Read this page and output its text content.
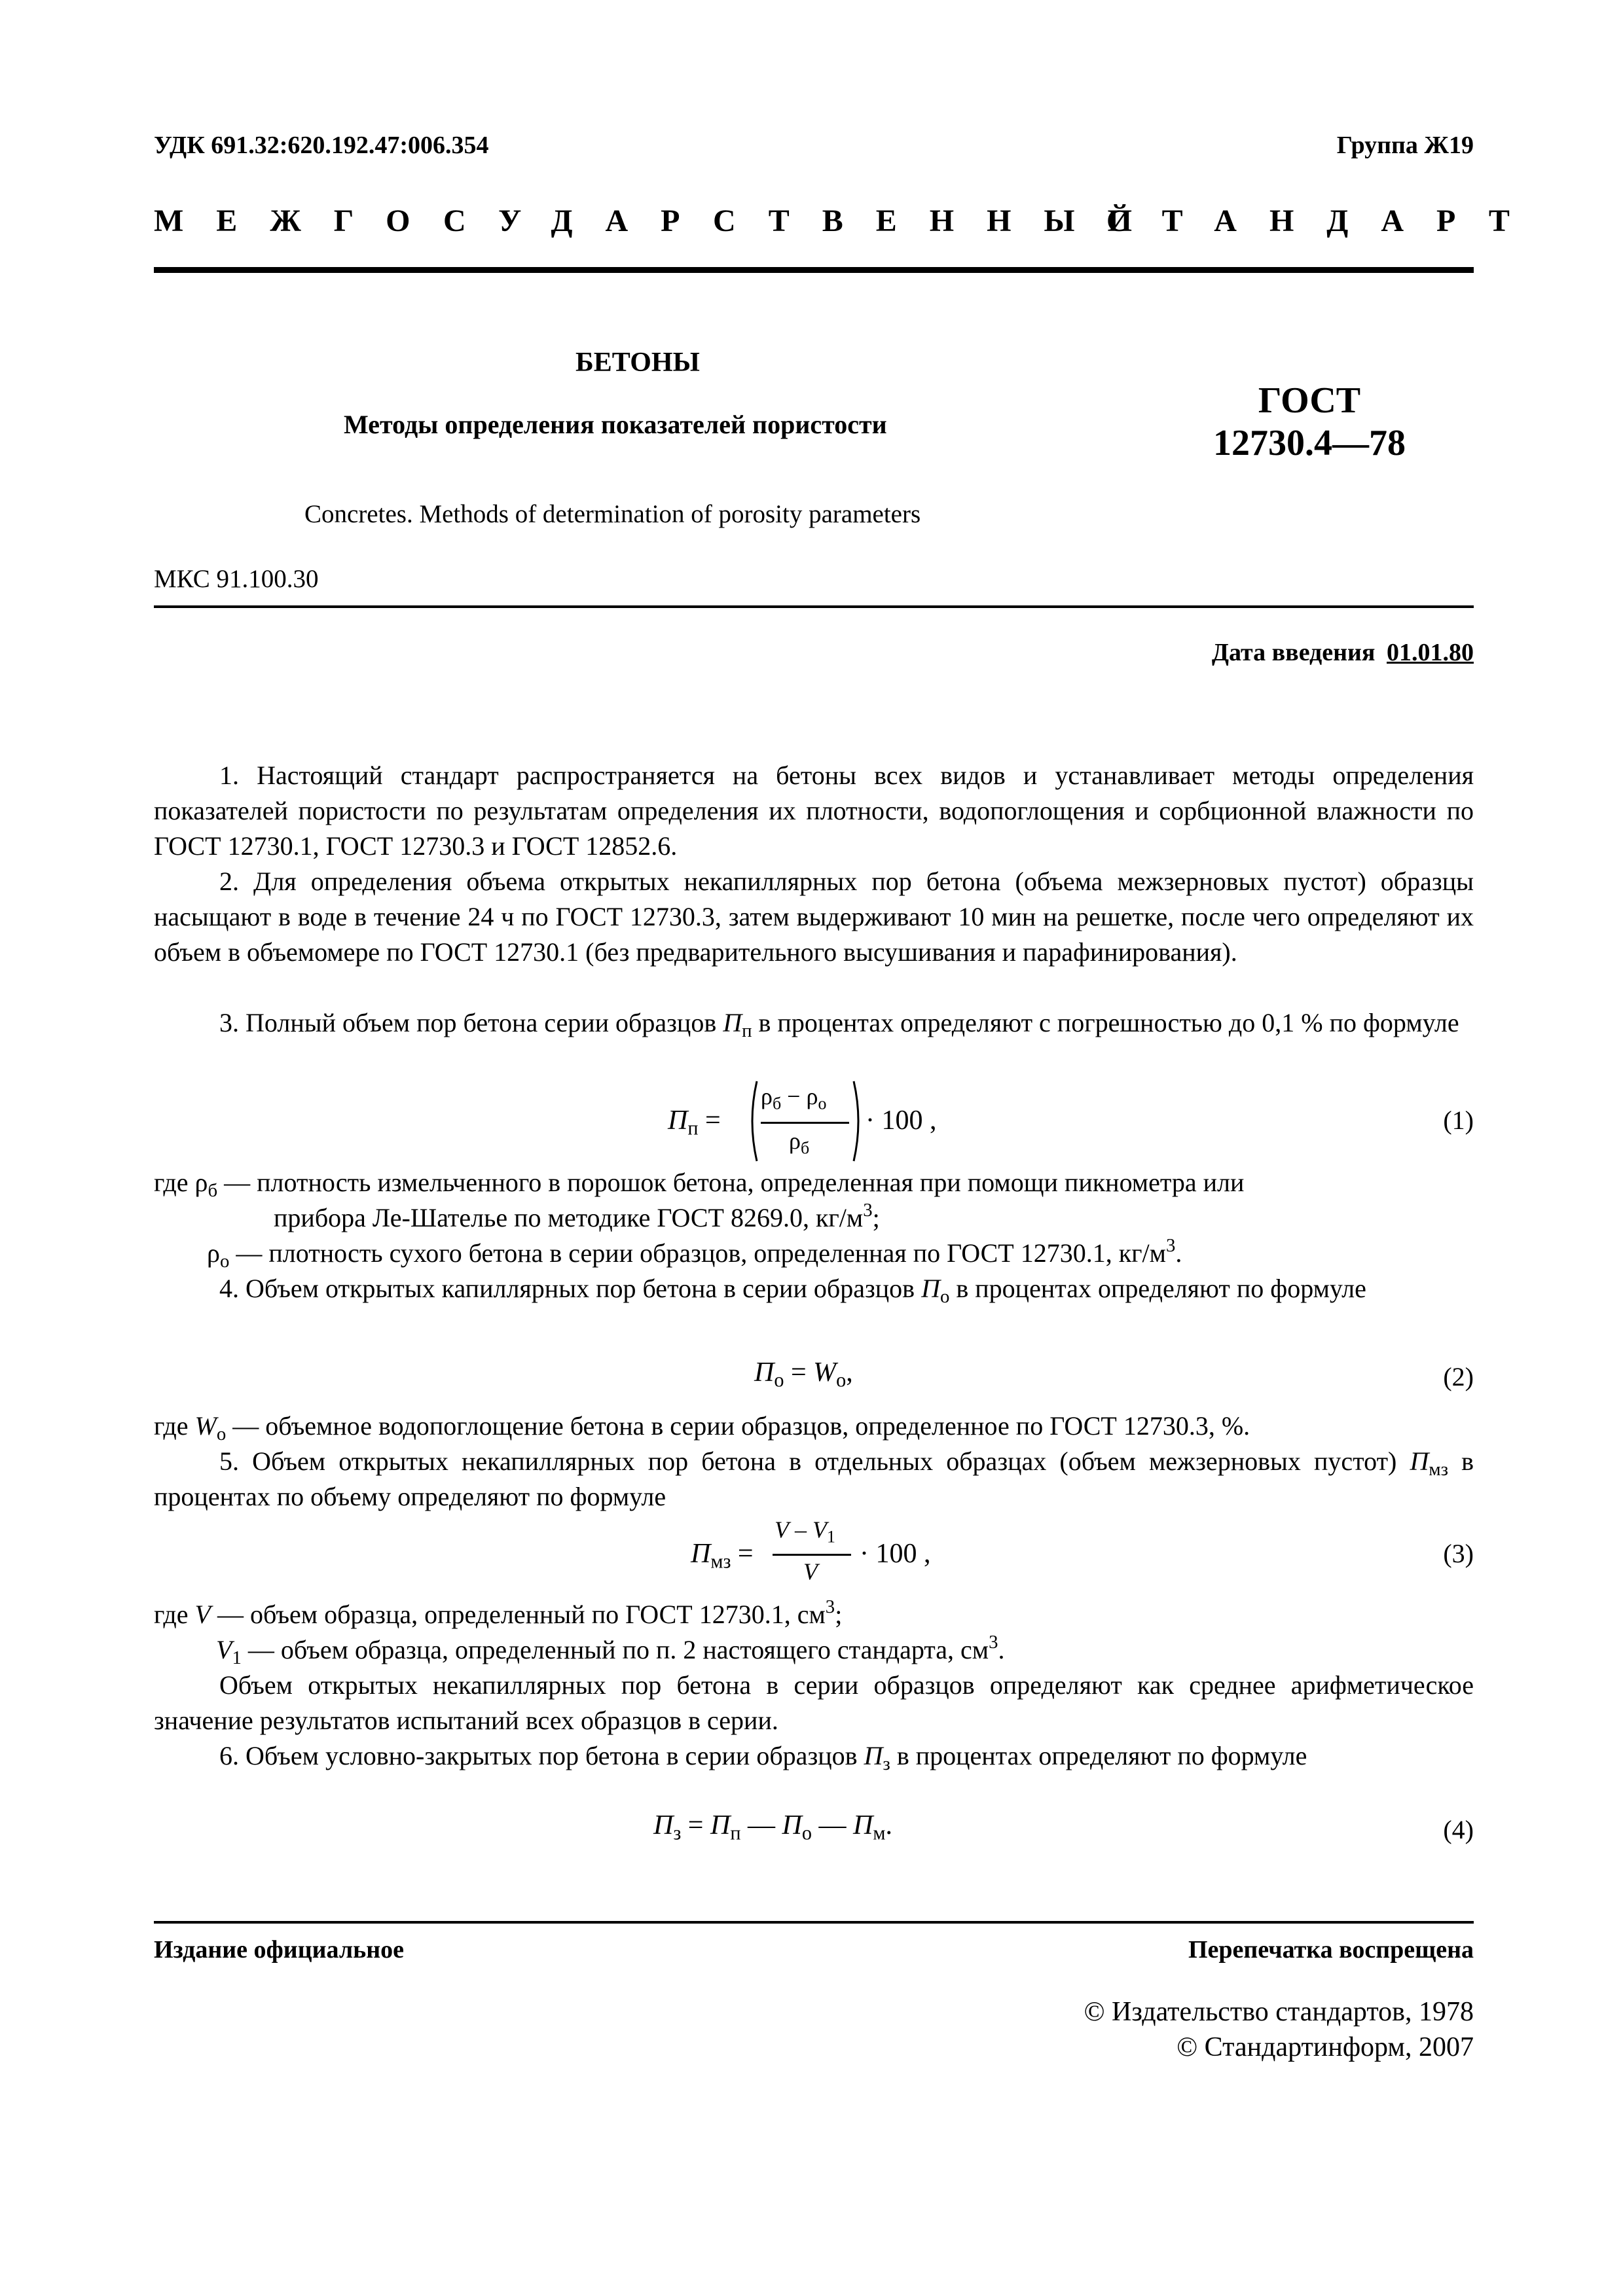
УДК 691.32:620.192.47:006.354	Группа Ж19
МЕЖГОСУДАРСТВЕННЫЙ
СТАНДАРТ
БЕТОНЫ
Методы определения показателей пористости
ГОСТ
12730.4—78
Concretes. Methods of determination of porosity parameters
МКС 91.100.30
Дата введения 01.01.80
1. Настоящий стандарт распространяется на бетоны всех видов и устанавливает методы определения показателей пористости по результатам определения их плотности, водопоглощения и сорбционной влажности по ГОСТ 12730.1, ГОСТ 12730.3 и ГОСТ 12852.6.
2. Для определения объема открытых некапиллярных пор бетона (объема межзерновых пустот) образцы насыщают в воде в течение 24 ч по ГОСТ 12730.3, затем выдерживают 10 мин на решетке, после чего определяют их объем в объемомере по ГОСТ 12730.1 (без предварительного высушивания и парафинирования).
3. Полный объем пор бетона серии образцов $П_п$ в процентах определяют с погрешностью до 0,1 % по формуле
$П_п$ =
$\rho_б - \rho_о$
$\rho_б$
· 100 ,	(1)
где $\rho_б$ — плотность измельченного в порошок бетона, определенная при помощи пикнометра или
прибора Ле-Шателье по методике ГОСТ 8269.0, $кг/м^3$;
$\rho_о$ — плотность сухого бетона в серии образцов, определенная по ГОСТ 12730.1, $кг/м^3$.
4. Объем открытых капиллярных пор бетона в серии образцов $П_о$ в процентах определяют по формуле
$П_о = W_о$,	(2)
где $W_о$ — объемное водопоглощение бетона в серии образцов, определенное по ГОСТ 12730.3, %.
5. Объем открытых некапиллярных пор бетона в отдельных образцах (объем межзерновых пустот) $П_{мз}$ в процентах по объему определяют по формуле
$П_{мз}$ =
V – $V_1$
V
· 100 ,	(3)
где V — объем образца, определенный по ГОСТ 12730.1, $см^3$;
$V_1$ — объем образца, определенный по п. 2 настоящего стандарта, $см^3$.
Объем открытых некапиллярных пор бетона в серии образцов определяют как среднее арифметическое значение результатов испытаний всех образцов в серии.
6. Объем условно-закрытых пор бетона в серии образцов $П_з$ в процентах определяют по формуле
$П_з = П_п$ — $П_о$ — $П_м$.	(4)
Издание официальное	Перепечатка воспрещена
© Издательство стандартов, 1978
© Стандартинформ, 2007
